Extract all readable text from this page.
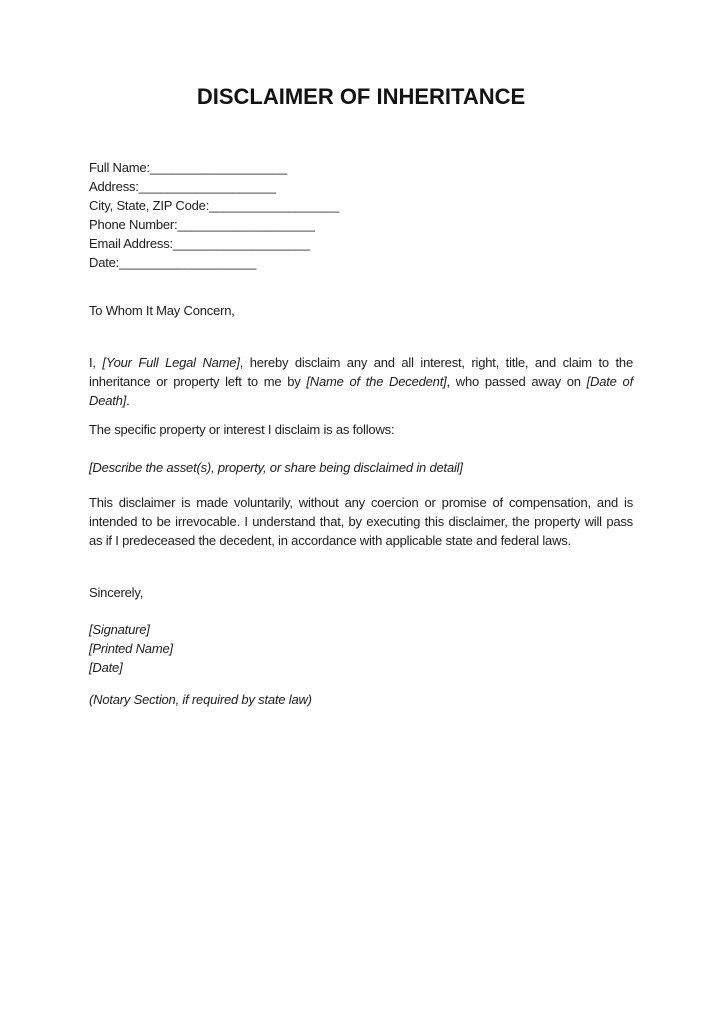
DISCLAIMER OF INHERITANCE
Full Name:___________________
Address:___________________
City, State, ZIP Code:__________________
Phone Number:___________________
Email Address:___________________
Date:___________________
To Whom It May Concern,
I, [Your Full Legal Name], hereby disclaim any and all interest, right, title, and claim to the inheritance or property left to me by [Name of the Decedent], who passed away on [Date of Death].
The specific property or interest I disclaim is as follows:
[Describe the asset(s), property, or share being disclaimed in detail]
This disclaimer is made voluntarily, without any coercion or promise of compensation, and is intended to be irrevocable. I understand that, by executing this disclaimer, the property will pass as if I predeceased the decedent, in accordance with applicable state and federal laws.
Sincerely,
[Signature]
[Printed Name]
[Date]
(Notary Section, if required by state law)
